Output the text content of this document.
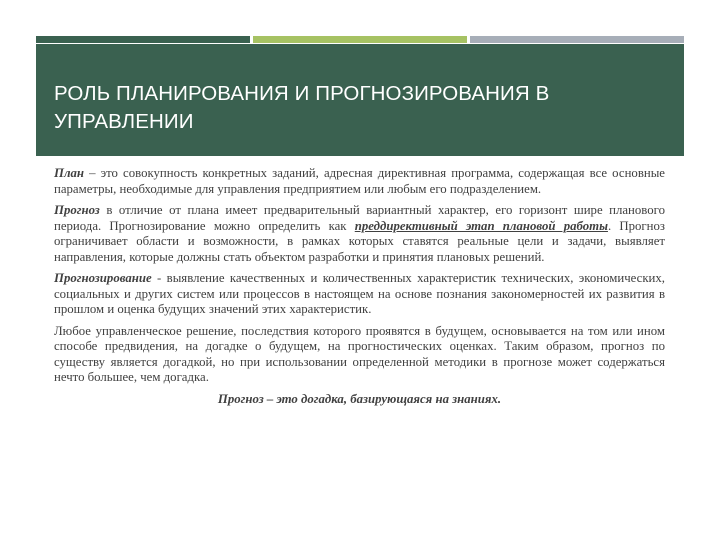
РОЛЬ ПЛАНИРОВАНИЯ И ПРОГНОЗИРОВАНИЯ В УПРАВЛЕНИИ

План – это совокупность конкретных заданий, адресная директивная программа, содержащая все основные параметры, необходимые для управления предприятием или любым его подразделением.

Прогноз в отличие от плана имеет предварительный вариантный характер, его горизонт шире планового периода. Прогнозирование можно определить как преддирективный этап плановой работы. Прогноз ограничивает области и возможности, в рамках которых ставятся реальные цели и задачи, выявляет направления, которые должны стать объектом разработки и принятия плановых решений.

Прогнозирование - выявление качественных и количественных характеристик технических, экономических, социальных и других систем или процессов в настоящем на основе познания закономерностей их развития в прошлом и оценка будущих значений этих характеристик.

Любое управленческое решение, последствия которого проявятся в будущем, основывается на том или ином способе предвидения, на догадке о будущем, на прогностических оценках. Таким образом, прогноз по существу является догадкой, но при использовании определенной методики в прогнозе может содержаться нечто большее, чем догадка.

Прогноз – это догадка, базирующаяся на знаниях.
